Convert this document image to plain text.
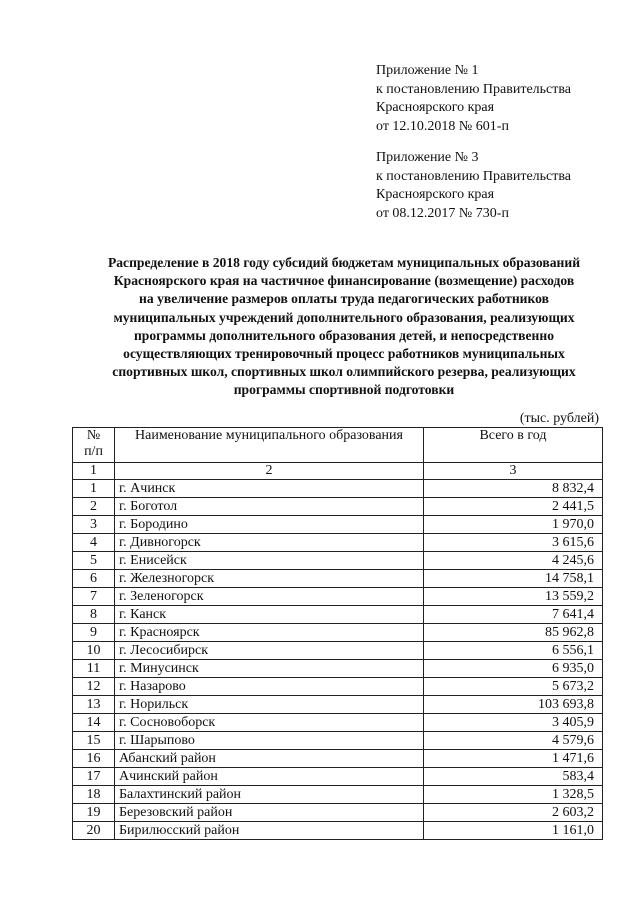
Приложение № 1
к постановлению Правительства
Красноярского края
от 12.10.2018 № 601-п
Приложение № 3
к постановлению Правительства
Красноярского края
от 08.12.2017 № 730-п
Распределение в 2018 году субсидий бюджетам муниципальных образований
Красноярского края на частичное финансирование (возмещение) расходов
на увеличение размеров оплаты труда педагогических работников
муниципальных учреждений дополнительного образования, реализующих
программы дополнительного образования детей, и непосредственно
осуществляющих тренировочный процесс работников муниципальных
спортивных школ, спортивных школ олимпийского резерва, реализующих
программы спортивной подготовки
(тыс. рублей)
№
п/п	Наименование муниципального образования	Всего в год
1	2	3
1	г. Ачинск	8 832,4
2	г. Боготол	2 441,5
3	г. Бородино	1 970,0
4	г. Дивногорск	3 615,6
5	г. Енисейск	4 245,6
6	г. Железногорск	14 758,1
7	г. Зеленогорск	13 559,2
8	г. Канск	7 641,4
9	г. Красноярск	85 962,8
10	г. Лесосибирск	6 556,1
11	г. Минусинск	6 935,0
12	г. Назарово	5 673,2
13	г. Норильск	103 693,8
14	г. Сосновоборск	3 405,9
15	г. Шарыпово	4 579,6
16	Абанский район	1 471,6
17	Ачинский район	583,4
18	Балахтинский район	1 328,5
19	Березовский район	2 603,2
20	Бирилюсский район	1 161,0
